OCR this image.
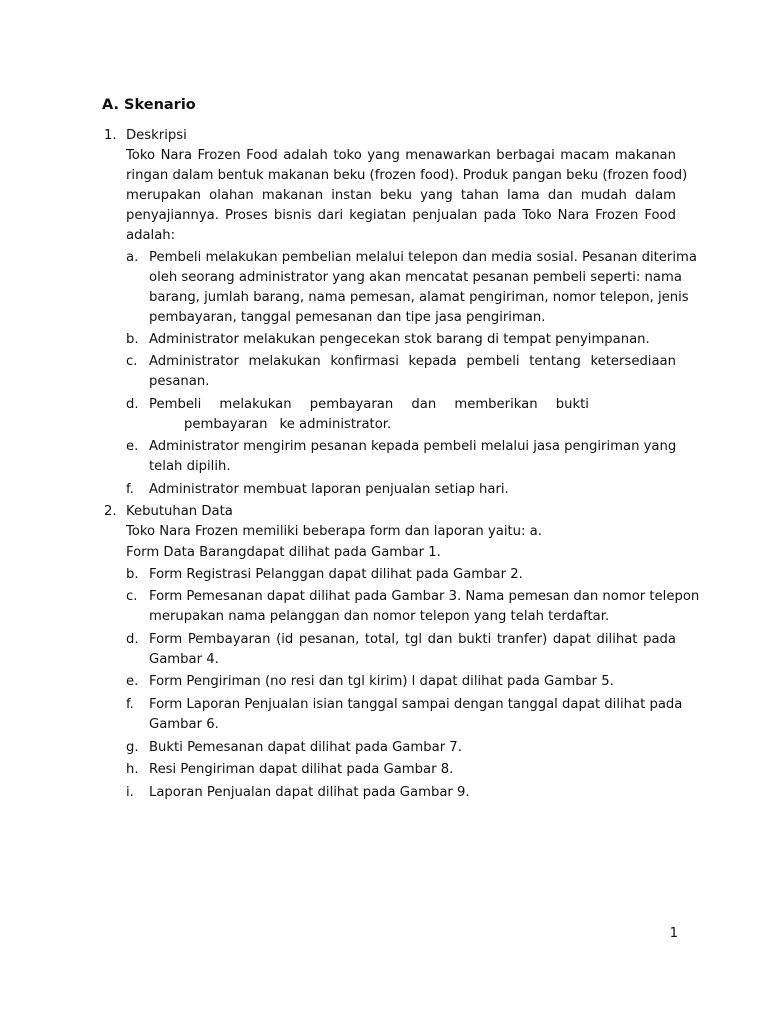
A. Skenario
1. Deskripsi
Toko Nara Frozen Food adalah toko yang menawarkan berbagai macam makanan
ringan dalam bentuk makanan beku (frozen food). Produk pangan beku (frozen food)
merupakan olahan makanan instan beku yang tahan lama dan mudah dalam
penyajiannya. Proses bisnis dari kegiatan penjualan pada Toko Nara Frozen Food
adalah:
a. Pembeli melakukan pembelian melalui telepon dan media sosial. Pesanan diterima
oleh seorang administrator yang akan mencatat pesanan pembeli seperti: nama
barang, jumlah barang, nama pemesan, alamat pengiriman, nomor telepon, jenis
pembayaran, tanggal pemesanan dan tipe jasa pengiriman.
b. Administrator melakukan pengecekan stok barang di tempat penyimpanan.
c. Administrator melakukan konfirmasi kepada pembeli tentang ketersediaan
pesanan.
d. Pembeli melakukan pembayaran dan memberikan bukti
pembayaran ke administrator.
e. Administrator mengirim pesanan kepada pembeli melalui jasa pengiriman yang
telah dipilih.
f. Administrator membuat laporan penjualan setiap hari.
2. Kebutuhan Data
Toko Nara Frozen memiliki beberapa form dan laporan yaitu: a.
Form Data Barangdapat dilihat pada Gambar 1.
b. Form Registrasi Pelanggan dapat dilihat pada Gambar 2.
c. Form Pemesanan dapat dilihat pada Gambar 3. Nama pemesan dan nomor telepon
merupakan nama pelanggan dan nomor telepon yang telah terdaftar.
d. Form Pembayaran (id pesanan, total, tgl dan bukti tranfer) dapat dilihat pada
Gambar 4.
e. Form Pengiriman (no resi dan tgl kirim) l dapat dilihat pada Gambar 5.
f. Form Laporan Penjualan isian tanggal sampai dengan tanggal dapat dilihat pada
Gambar 6.
g. Bukti Pemesanan dapat dilihat pada Gambar 7.
h. Resi Pengiriman dapat dilihat pada Gambar 8.
i. Laporan Penjualan dapat dilihat pada Gambar 9.
1
